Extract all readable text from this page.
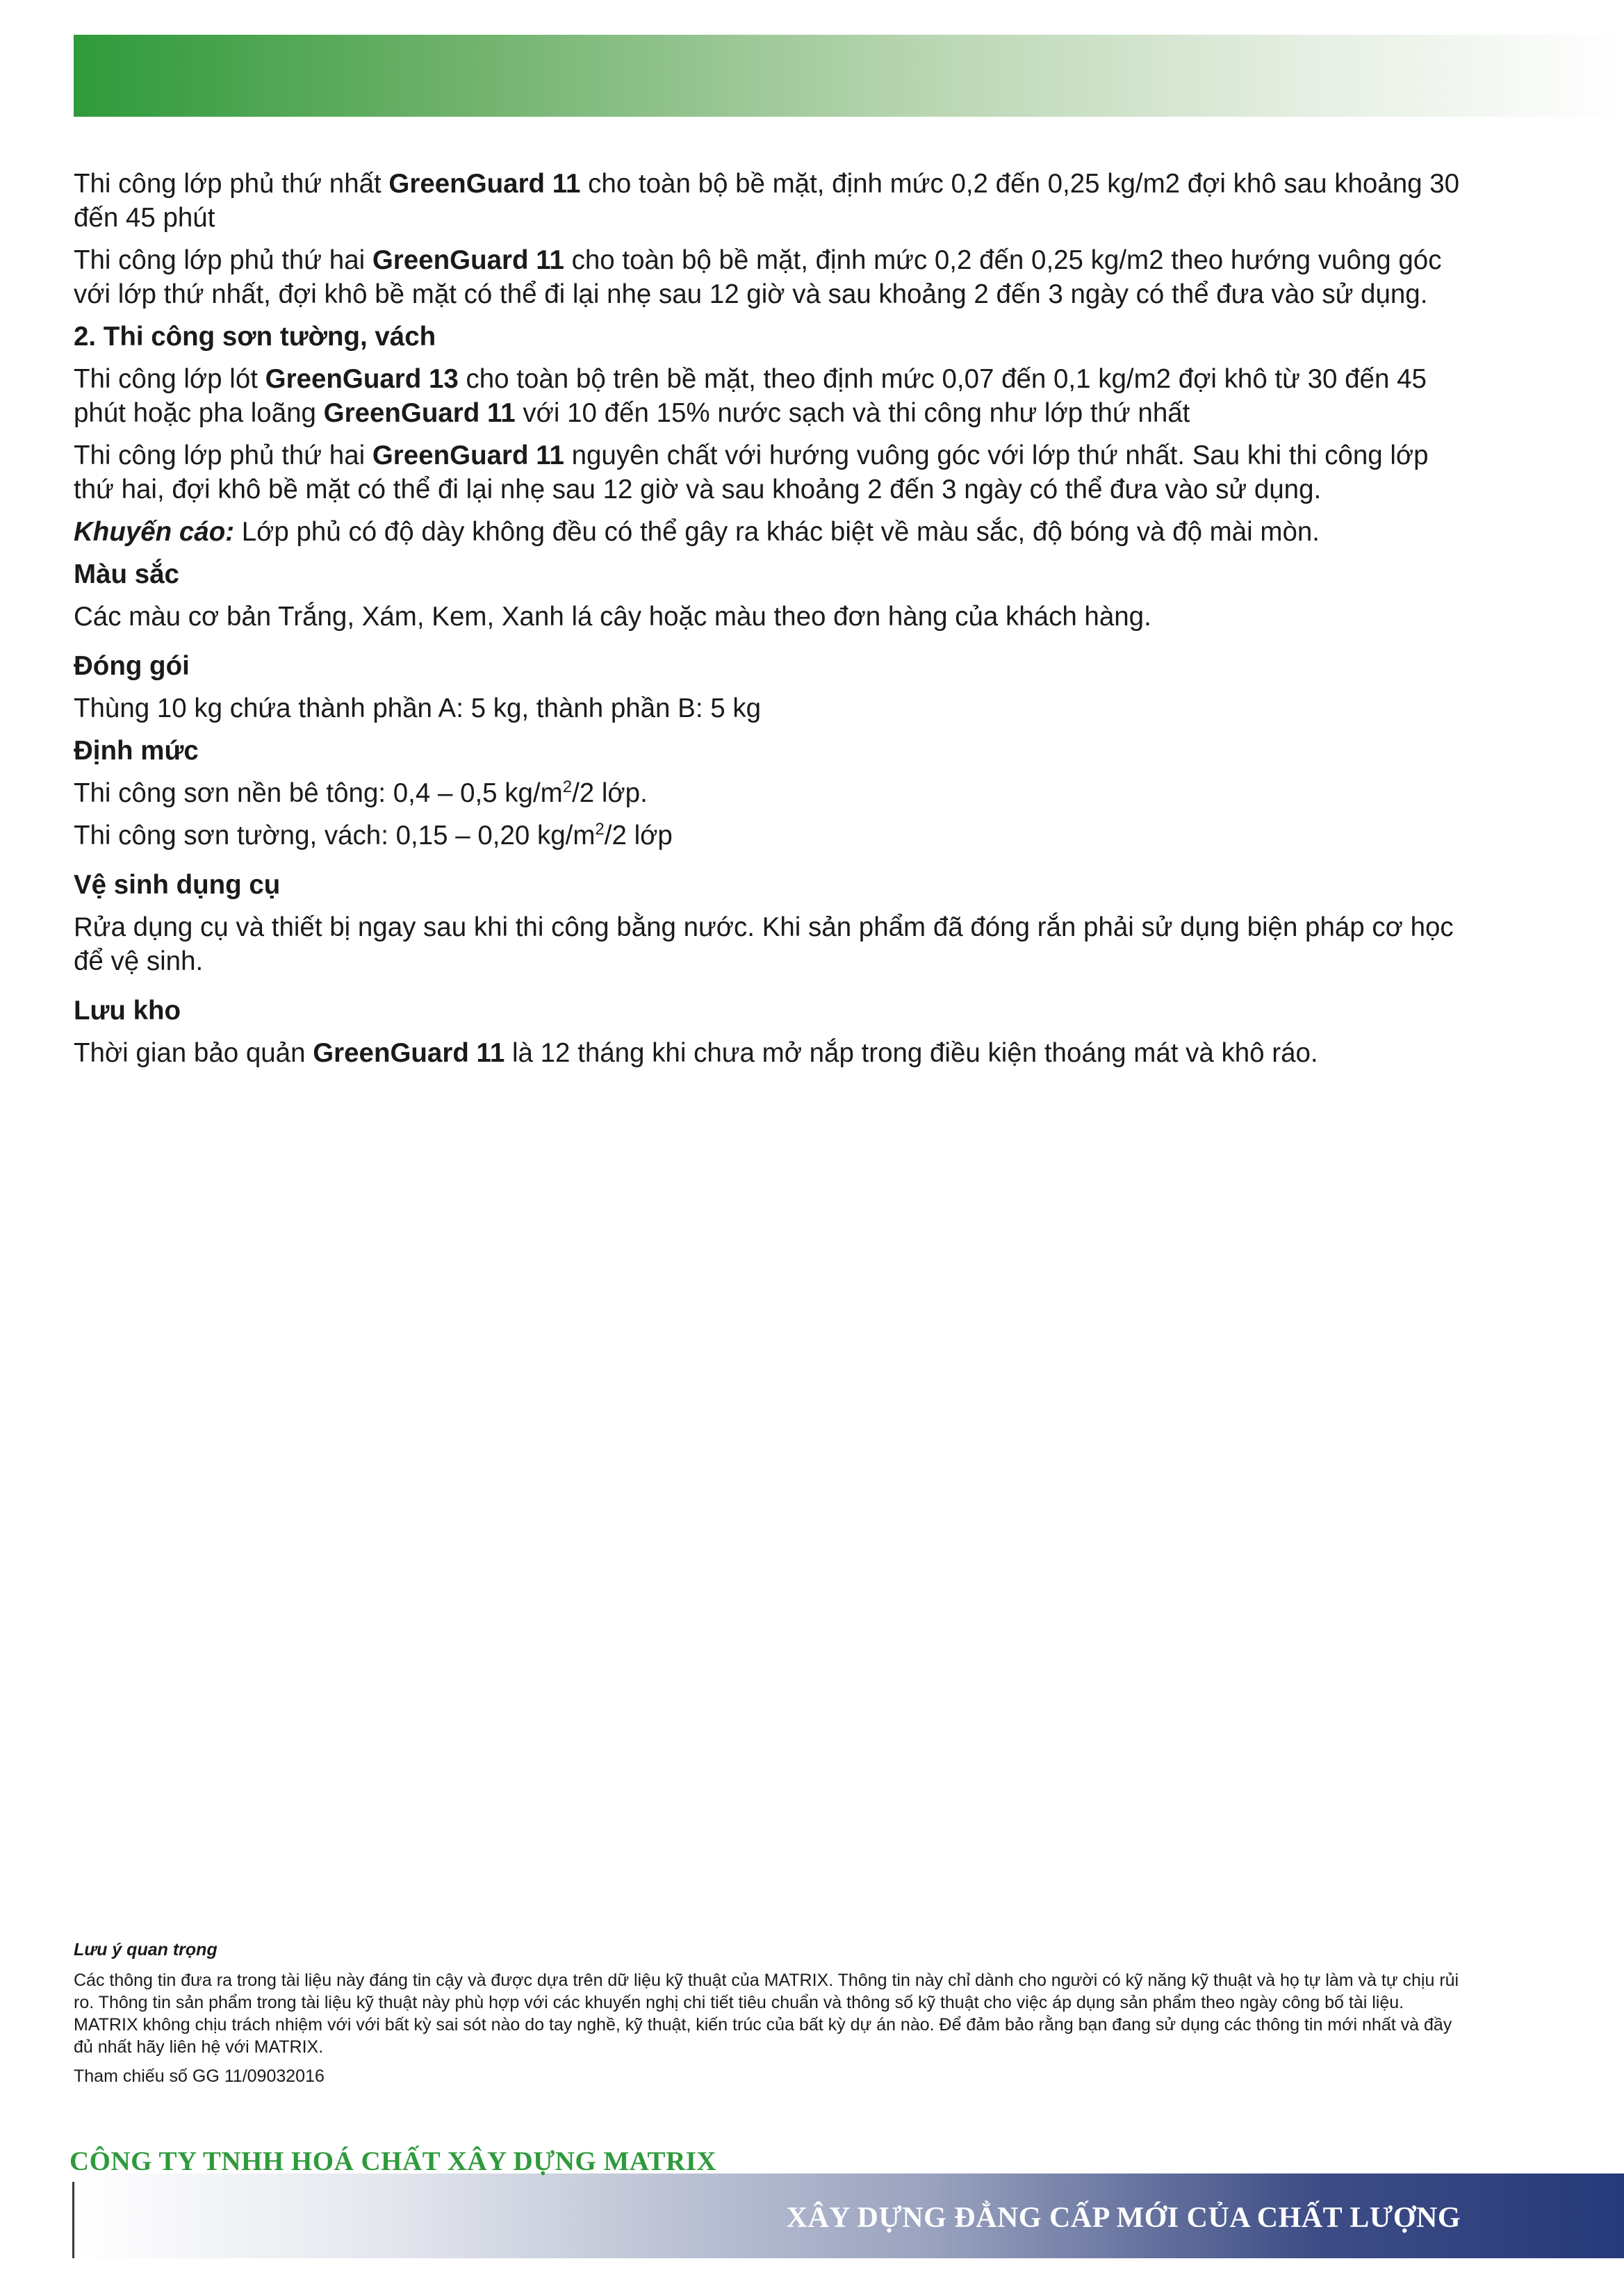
Thi công lớp phủ thứ nhất GreenGuard 11 cho toàn bộ bề mặt, định mức 0,2 đến 0,25 kg/m2 đợi khô sau khoảng 30 đến 45 phút

Thi công lớp phủ thứ hai GreenGuard 11 cho toàn bộ bề mặt, định mức 0,2 đến 0,25 kg/m2 theo hướng vuông góc với lớp thứ nhất, đợi khô bề mặt có thể đi lại nhẹ sau 12 giờ và sau khoảng 2 đến 3 ngày có thể đưa vào sử dụng.

2. Thi công sơn tường, vách

Thi công lớp lót GreenGuard 13 cho toàn bộ trên bề mặt, theo định mức 0,07 đến 0,1 kg/m2 đợi khô từ 30 đến 45 phút hoặc pha loãng GreenGuard 11 với 10 đến 15% nước sạch và thi công như lớp thứ nhất

Thi công lớp phủ thứ hai GreenGuard 11 nguyên chất với hướng vuông góc với lớp thứ nhất. Sau khi thi công lớp thứ hai, đợi khô bề mặt có thể đi lại nhẹ sau 12 giờ và sau khoảng 2 đến 3 ngày có thể đưa vào sử dụng.

Khuyến cáo: Lớp phủ có độ dày không đều có thể gây ra khác biệt về màu sắc, độ bóng và độ mài mòn.

Màu sắc

Các màu cơ bản Trắng, Xám, Kem, Xanh lá cây hoặc màu theo đơn hàng của khách hàng.

Đóng gói

Thùng 10 kg chứa thành phần A: 5 kg, thành phần B: 5 kg

Định mức

Thi công sơn nền bê tông: 0,4 – 0,5 $kg/m^2/2$ lớp.

Thi công sơn tường, vách: 0,15 – 0,20 $kg/m^2/2$ lớp

Vệ sinh dụng cụ

Rửa dụng cụ và thiết bị ngay sau khi thi công bằng nước. Khi sản phẩm đã đóng rắn phải sử dụng biện pháp cơ học để vệ sinh.

Lưu kho

Thời gian bảo quản GreenGuard 11 là 12 tháng khi chưa mở nắp trong điều kiện thoáng mát và khô ráo.

Lưu ý quan trọng
Các thông tin đưa ra trong tài liệu này đáng tin cậy và được dựa trên dữ liệu kỹ thuật của MATRIX. Thông tin này chỉ dành cho người có kỹ năng kỹ thuật và họ tự làm và tự chịu rủi ro. Thông tin sản phẩm trong tài liệu kỹ thuật này phù hợp với các khuyến nghị chi tiết tiêu chuẩn và thông số kỹ thuật cho việc áp dụng sản phẩm theo ngày công bố tài liệu. MATRIX không chịu trách nhiệm với với bất kỳ sai sót nào do tay nghề, kỹ thuật, kiến trúc của bất kỳ dự án nào. Để đảm bảo rằng bạn đang sử dụng các thông tin mới nhất và đầy đủ nhất hãy liên hệ với MATRIX.
Tham chiếu số GG 11/09032016
CÔNG TY TNHH HOÁ CHẤT XÂY DỰNG MATRIX
XÂY DỰNG ĐẲNG CẤP MỚI CỦA CHẤT LƯỢNG
